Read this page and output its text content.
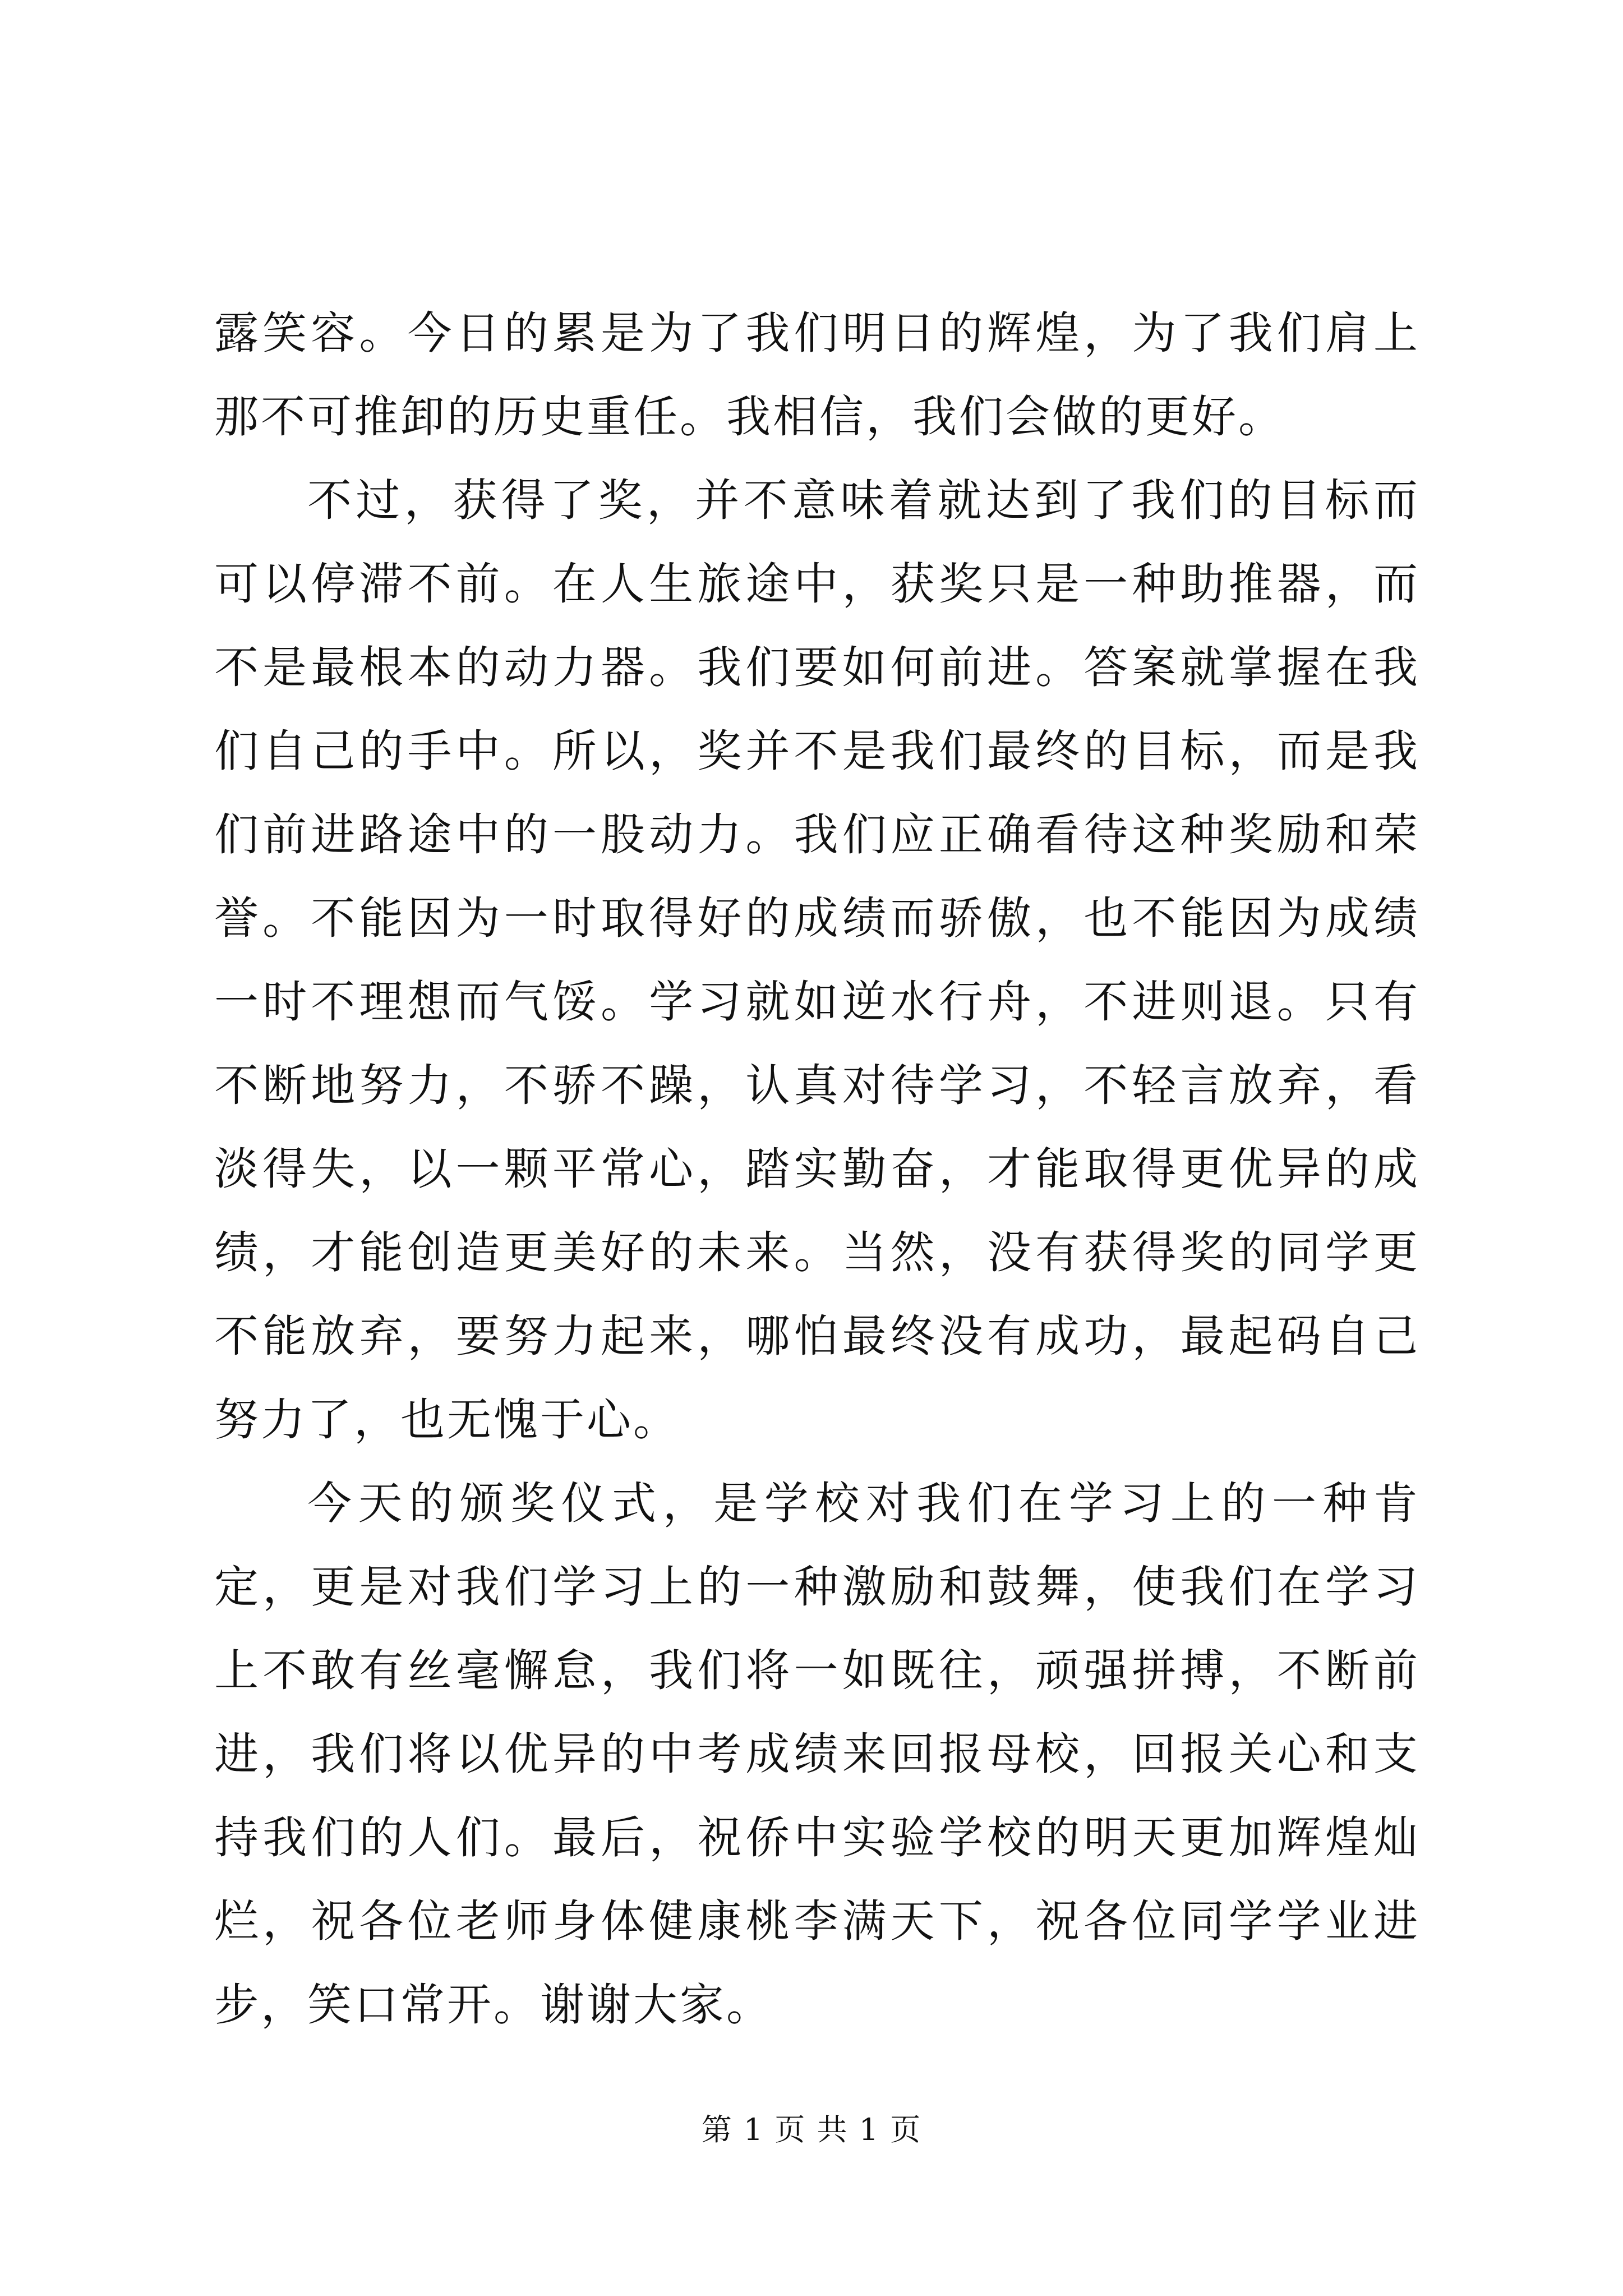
露笑容。今日的累是为了我们明日的辉煌，为了我们肩上那不可推卸的历史重任。我相信，我们会做的更好。

不过，获得了奖，并不意味着就达到了我们的目标而可以停滞不前。在人生旅途中，获奖只是一种助推器，而不是最根本的动力器。我们要如何前进。答案就掌握在我们自己的手中。所以，奖并不是我们最终的目标，而是我们前进路途中的一股动力。我们应正确看待这种奖励和荣誉。不能因为一时取得好的成绩而骄傲，也不能因为成绩一时不理想而气馁。学习就如逆水行舟，不进则退。只有不断地努力，不骄不躁，认真对待学习，不轻言放弃，看淡得失，以一颗平常心，踏实勤奋，才能取得更优异的成绩，才能创造更美好的未来。当然，没有获得奖的同学更不能放弃，要努力起来，哪怕最终没有成功，最起码自己努力了，也无愧于心。

今天的颁奖仪式，是学校对我们在学习上的一种肯定，更是对我们学习上的一种激励和鼓舞，使我们在学习上不敢有丝毫懈怠，我们将一如既往，顽强拼搏，不断前进，我们将以优异的中考成绩来回报母校，回报关心和支持我们的人们。最后，祝侨中实验学校的明天更加辉煌灿烂，祝各位老师身体健康桃李满天下，祝各位同学学业进步，笑口常开。谢谢大家。

第 1 页 共 1 页
